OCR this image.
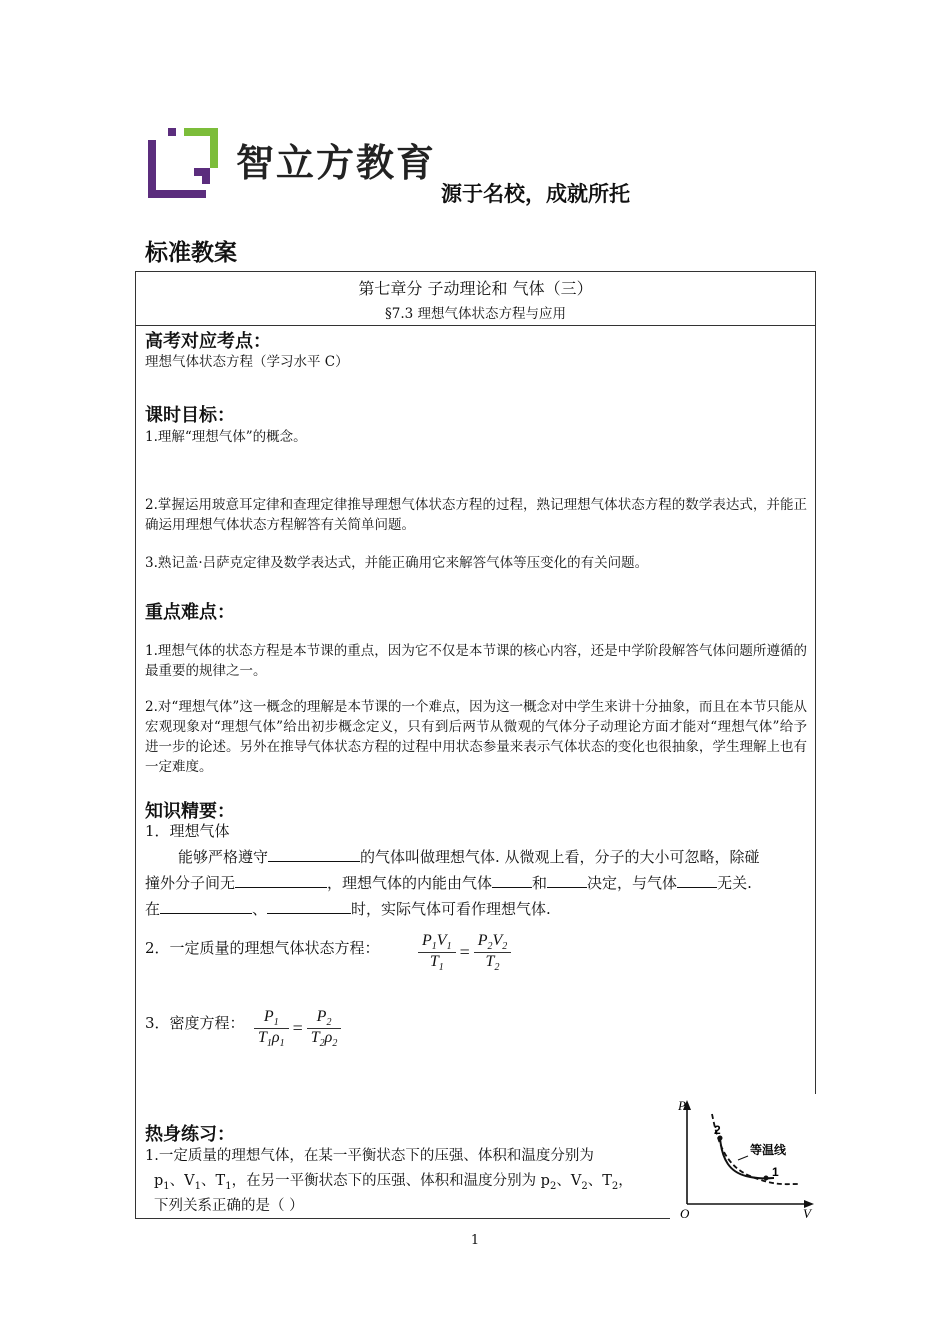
智立方教育
源于名校，成就所托
标准教案
第七章分 子动理论和 气体（三）
§7.3 理想气体状态方程与应用
高考对应考点：
理想气体状态方程（学习水平 C）
课时目标：
1.理解“理想气体”的概念。
2.掌握运用玻意耳定律和查理定律推导理想气体状态方程的过程，熟记理想气体状态方程的数学表达式，并能正确运用理想气体状态方程解答有关简单问题。
3.熟记盖·吕萨克定律及数学表达式，并能正确用它来解答气体等压变化的有关问题。
重点难点：
1.理想气体的状态方程是本节课的重点，因为它不仅是本节课的核心内容，还是中学阶段解答气体问题所遵循的最重要的规律之一。
2.对“理想气体”这一概念的理解是本节课的一个难点，因为这一概念对中学生来讲十分抽象，而且在本节只能从宏观现象对“理想气体”给出初步概念定义，只有到后两节从微观的气体分子动理论方面才能对“理想气体”给予进一步的论述。另外在推导气体状态方程的过程中用状态参量来表示气体状态的变化也很抽象，学生理解上也有一定难度。
知识精要：
1．理想气体
能够严格遵守	的气体叫做理想气体. 从微观上看，分子的大小可忽略，除碰
撞外分子间无	，理想气体的内能由气体	和	决定，与气体	无关.
在	、	时，实际气体可看作理想气体.
2．一定质量的理想气体状态方程： $\frac{P_1V_1}{T_1} = \frac{P_2V_2}{T_2}$
3．密度方程： $\frac{P_1}{T_1\rho_1} = \frac{P_2}{T_2\rho_2}$
热身练习：
1.一定质量的理想气体，在某一平衡状态下的压强、体积和温度分别为
$p_1$、$V_1$、$T_1$，在另一平衡状态下的压强、体积和温度分别为 $p_2$、$V_2$、$T_2$，
下列关系正确的是（ ）
P
V
O
等温线
1
2
1
